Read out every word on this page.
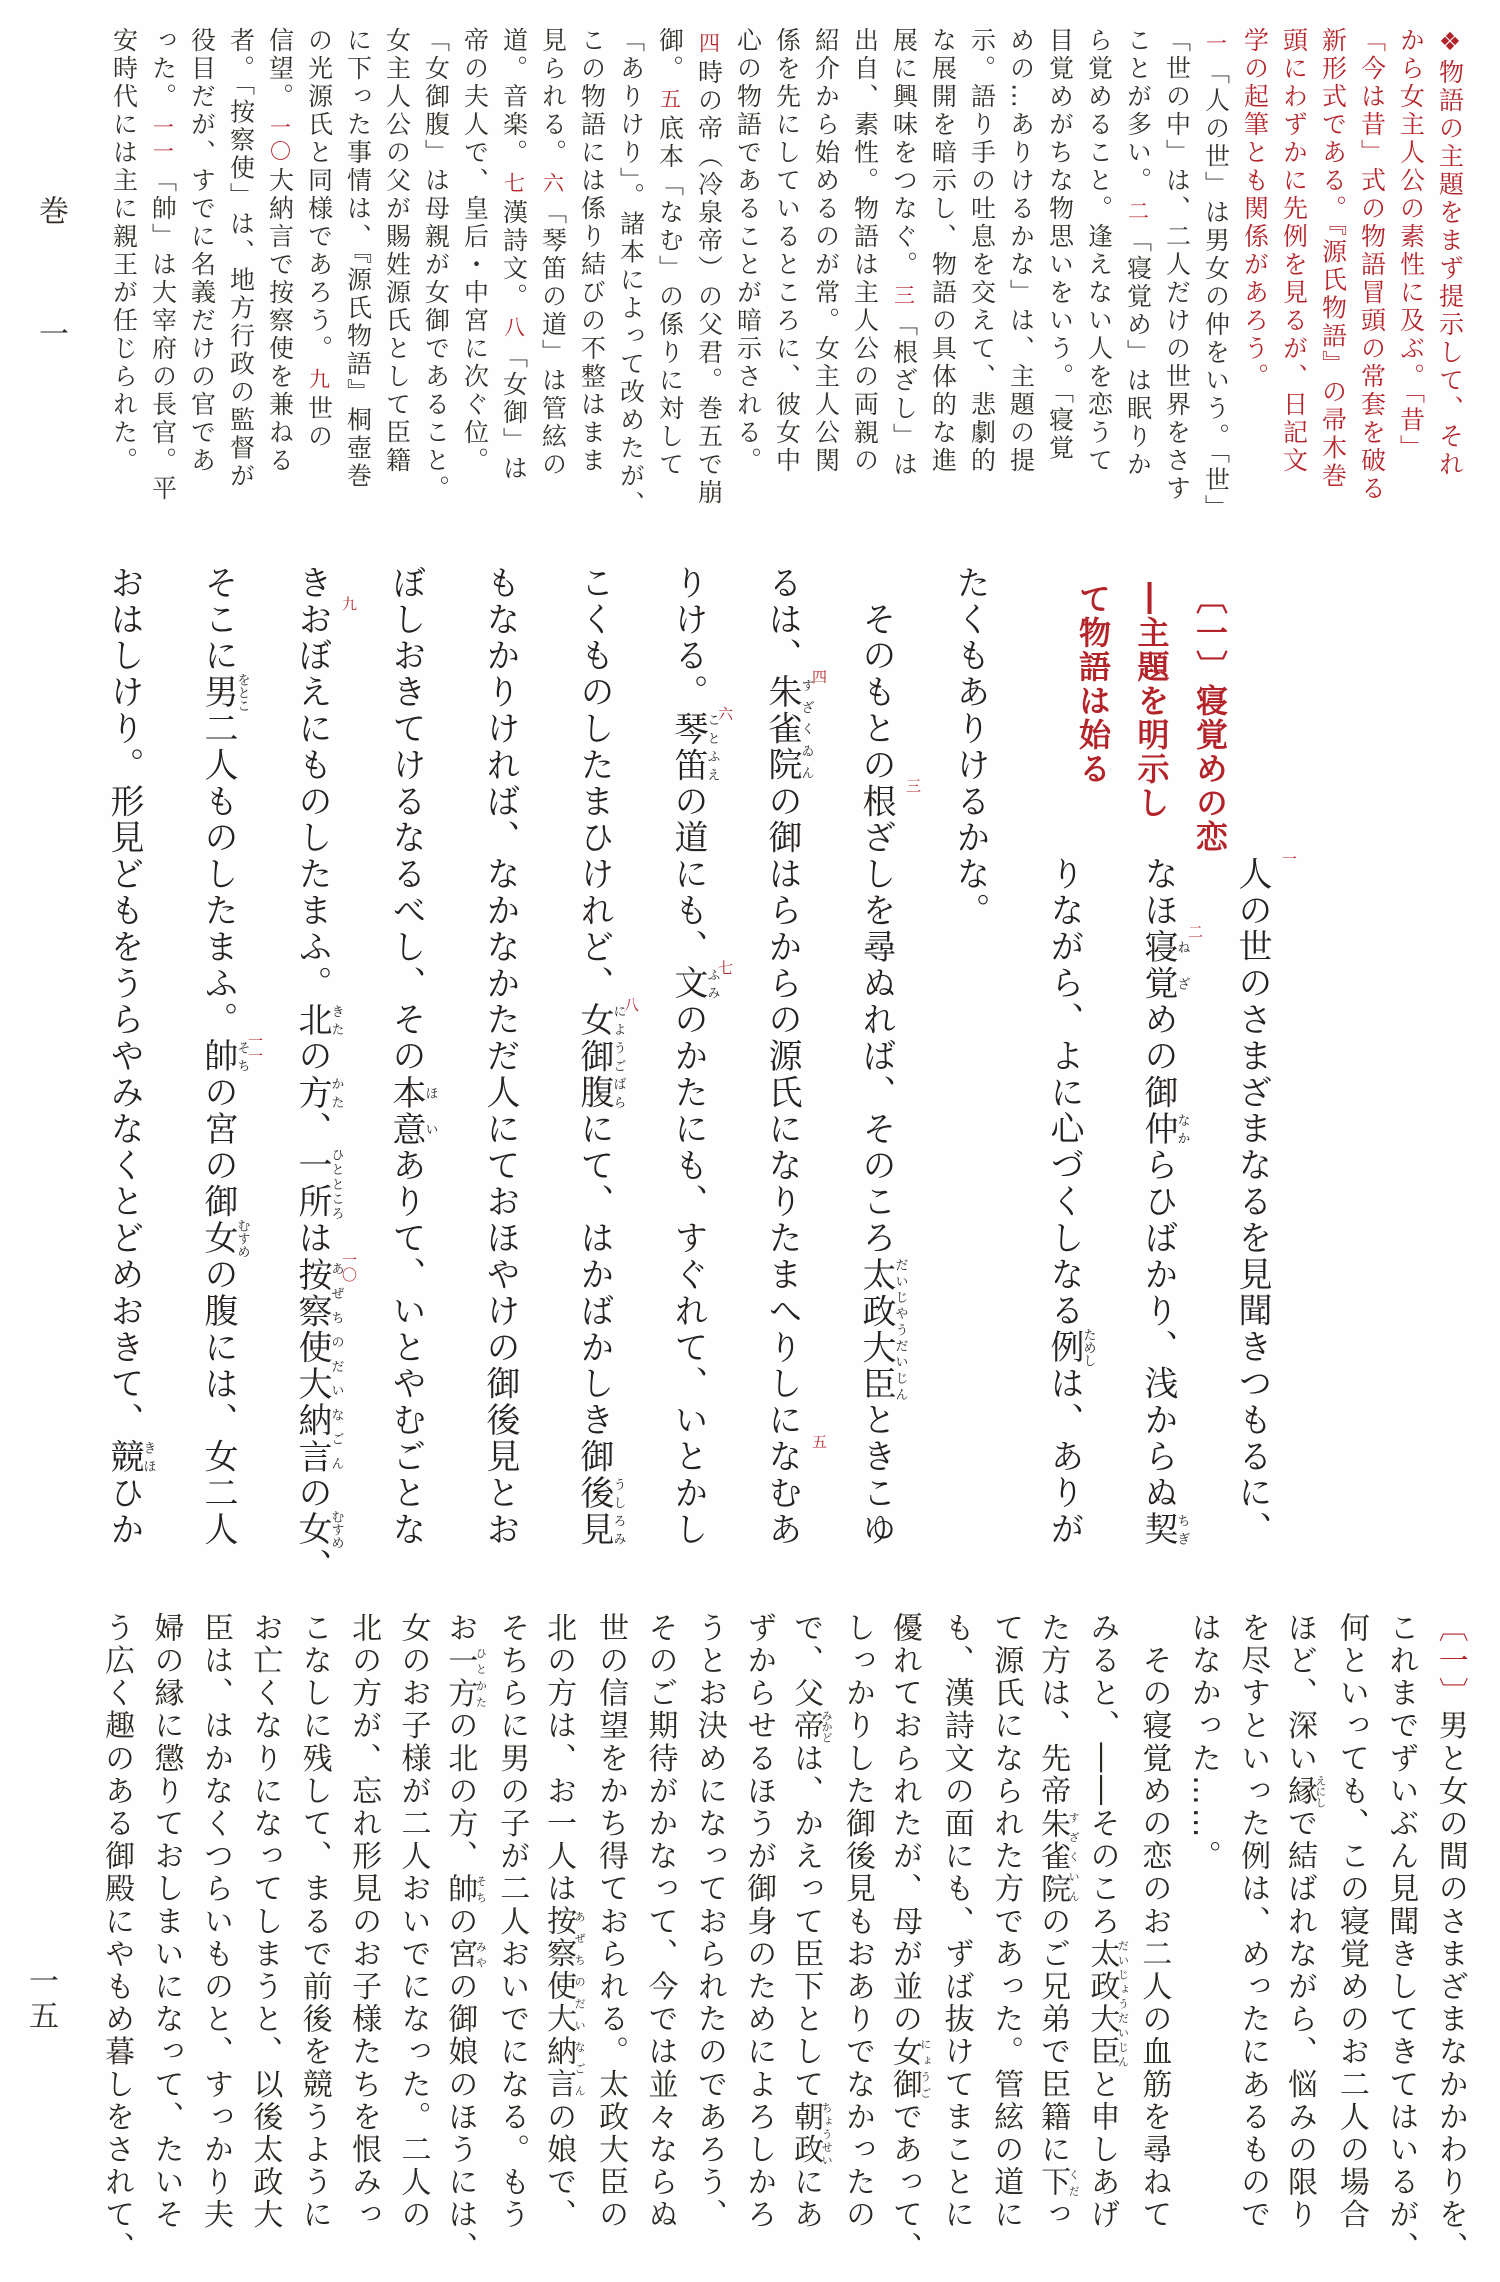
巻
一
一五
❖物語の主題をまず提示して、それ
から女主人公の素性に及ぶ。「昔」
「今は昔」式の物語冒頭の常套を破る
新形式である。『源氏物語』の帚木巻
頭にわずかに先例を見るが、日記文
学の起筆とも関係があろう。
一「人の世」は男女の仲をいう。「世」
「世の中」は、二人だけの世界をさす
ことが多い。二「寝覚め」は眠りか
ら覚めること。逢えない人を恋うて
目覚めがちな物思いをいう。「寝覚
めの…ありけるかな」は、主題の提
示。語り手の吐息を交えて、悲劇的
な展開を暗示し、物語の具体的な進
展に興味をつなぐ。三「根ざし」は
出自、素性。物語は主人公の両親の
紹介から始めるのが常。女主人公関
係を先にしているところに、彼女中
心の物語であることが暗示される。
四時の帝（冷泉帝）の父君。巻五で崩
御。五底本「なむ」の係りに対して
「ありけり」。諸本によって改めたが、
この物語には係り結びの不整はまま
見られる。六「琴笛の道」は管絃の
道。音楽。七漢詩文。八「女御」は
帝の夫人で、皇后・中宮に次ぐ位。
「女御腹」は母親が女御であること。
女主人公の父が賜姓源氏として臣籍
に下った事情は、『源氏物語』桐壺巻
の光源氏と同様であろう。九世の
信望。一〇大納言で按察使を兼ねる
者。「按察使」は、地方行政の監督が
役目だが、すでに名義だけの官であ
った。一一「帥」は大宰府の長官。平
安時代には主に親王が任じられた。
〔一〕寝覚めの恋
―主題を明示し
て物語は始る
一
人の世のさまざまなるを見聞きつもるに、
なほ
二
寝覚ねざめの御仲なからひばかり、浅からぬ契ちぎ
りながら、よに心づくしなる例ためしは、ありが
たくもありけるかな。
　そのもとの
三
根ざしを尋ぬれば、そのころ太政大臣だいじやうだいじんときこゆ
るは、
四
朱雀院すざくゐんの御はらからの源氏になりたまへりしに
五
なむあ
りける。
六
琴笛ことふえの道にも、
七
文ふみのかたにも、すぐれて、いとかし
こくものしたまひけれど、
八
女御腹にようごばらにて、はかばかしき御後見うしろみ
もなかりければ、なかなかただ人にておほやけの御後見とお
ぼしおきてけるなるべし、その本意ほいありて、いとやむごとな
き
九
おぼえにものしたまふ。北きたの方かた、一所ひとところは
一〇
按察使大納言あぜちのだいなごんの女むすめ、
そこに男をとこ二人ものしたまふ。
一一
帥そちの宮の御女むすめの腹には、女二人
おはしけり。形見どもをうらやみなくとどめおきて、競きほひか
〔一〕男と女の間のさまざまなかかわりを、
これまでずいぶん見聞きしてきてはいるが、
何といっても、この寝覚めのお二人の場合
ほど、深い縁えにしで結ばれながら、悩みの限り
を尽すといった例は、めったにあるもので
はなかった……。
　その寝覚めの恋のお二人の血筋を尋ねて
みると、――そのころ太政大臣だいじょうだいじんと申しあげ
た方は、先帝朱雀院すざくいんのご兄弟で臣籍に下くだっ
て源氏になられた方であった。管絃の道に
も、漢詩文の面にも、ずば抜けてまことに
優れておられたが、母が並の女御にょうごであって、
しっかりした御後見もおありでなかったの
で、父帝みかどは、かえって臣下として朝政ちょうせいにあ
ずからせるほうが御身のためによろしかろ
うとお決めになっておられたのであろう、
そのご期待がかなって、今では並々ならぬ
世の信望をかち得ておられる。太政大臣の
北の方は、お一人は按察使大納言あぜちのだいなごんの娘で、
そちらに男の子が二人おいでになる。もう
お一方ひとかたの北の方、帥そちの宮みやの御娘のほうには、
女のお子様が二人おいでになった。二人の
北の方が、忘れ形見のお子様たちを恨みっ
こなしに残して、まるで前後を競うように
お亡くなりになってしまうと、以後太政大
臣は、はかなくつらいものと、すっかり夫
婦の縁に懲りておしまいになって、たいそ
う広く趣のある御殿にやもめ暮しをされて、
